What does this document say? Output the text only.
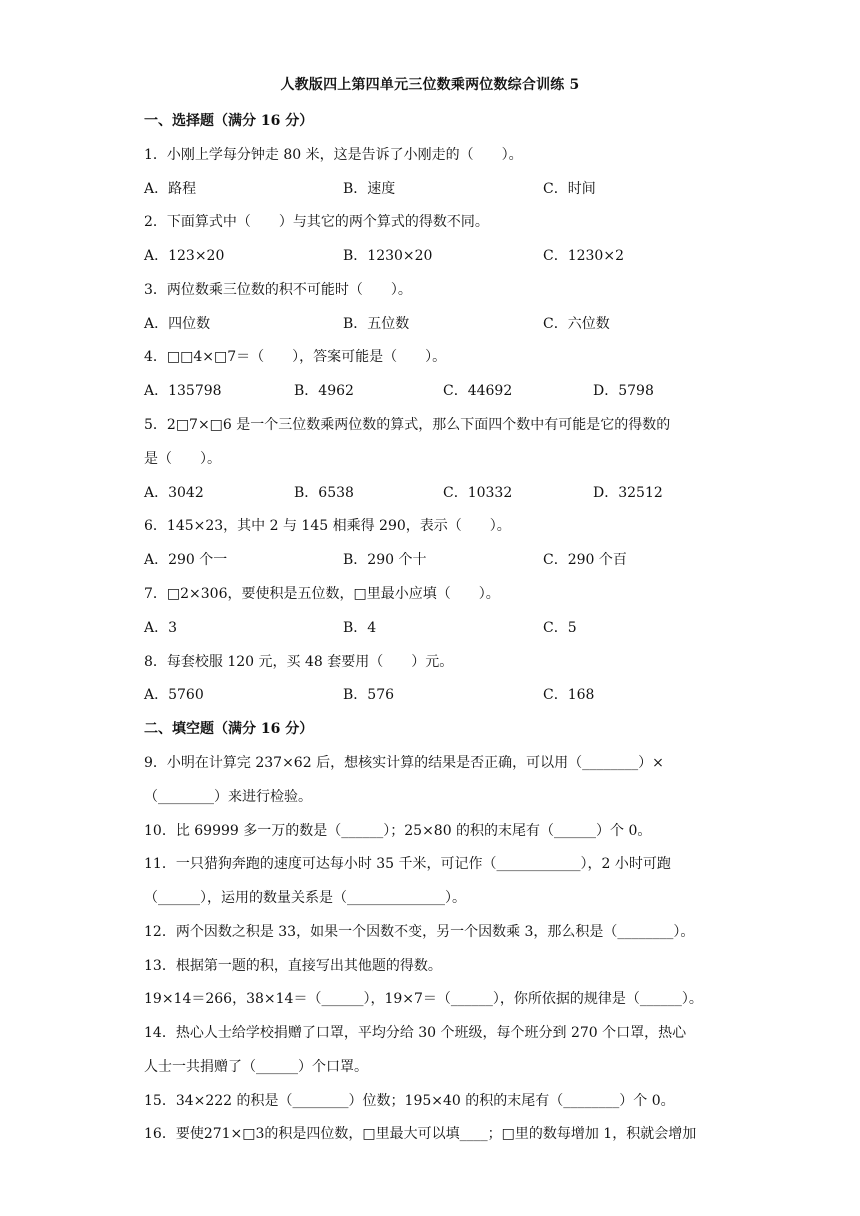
人教版四上第四单元三位数乘两位数综合训练 5
一、选择题（满分 16 分）
1．小刚上学每分钟走 80 米，这是告诉了小刚走的（　　）。
A．路程	B．速度	C．时间
2．下面算式中（　　）与其它的两个算式的得数不同。
A．123×20	B．1230×20	C．1230×2
3．两位数乘三位数的积不可能时（　　）。
A．四位数	B．五位数	C．六位数
4．□□4×□7＝（　　），答案可能是（　　）。
A．135798	B．4962	C．44692	D．5798
5．2□7×□6 是一个三位数乘两位数的算式，那么下面四个数中有可能是它的得数的
是（　　）。
A．3042	B．6538	C．10332	D．32512
6．145×23，其中 2 与 145 相乘得 290，表示（　　）。
A．290 个一	B．290 个十	C．290 个百
7．□2×306，要使积是五位数，□里最小应填（　　）。
A．3	B．4	C．5
8．每套校服 120 元，买 48 套要用（　　）元。
A．5760	B．576	C．168
二、填空题（满分 16 分）
9．小明在计算完 237×62 后，想核实计算的结果是否正确，可以用（________）×
（________）来进行检验。
10．比 69999 多一万的数是（______）；25×80 的积的末尾有（______）个 0。
11．一只猎狗奔跑的速度可达每小时 35 千米，可记作（____________），2 小时可跑
（______），运用的数量关系是（______________）。
12．两个因数之积是 33，如果一个因数不变，另一个因数乘 3，那么积是（________）。
13．根据第一题的积，直接写出其他题的得数。
19×14＝266，38×14＝（______），19×7＝（______），你所依据的规律是（______）。
14．热心人士给学校捐赠了口罩，平均分给 30 个班级，每个班分到 270 个口罩，热心
人士一共捐赠了（______）个口罩。
15．34×222 的积是（________）位数；195×40 的积的末尾有（________）个 0。
16．要使271×□3的积是四位数，□里最大可以填____；□里的数每增加 1，积就会增加
